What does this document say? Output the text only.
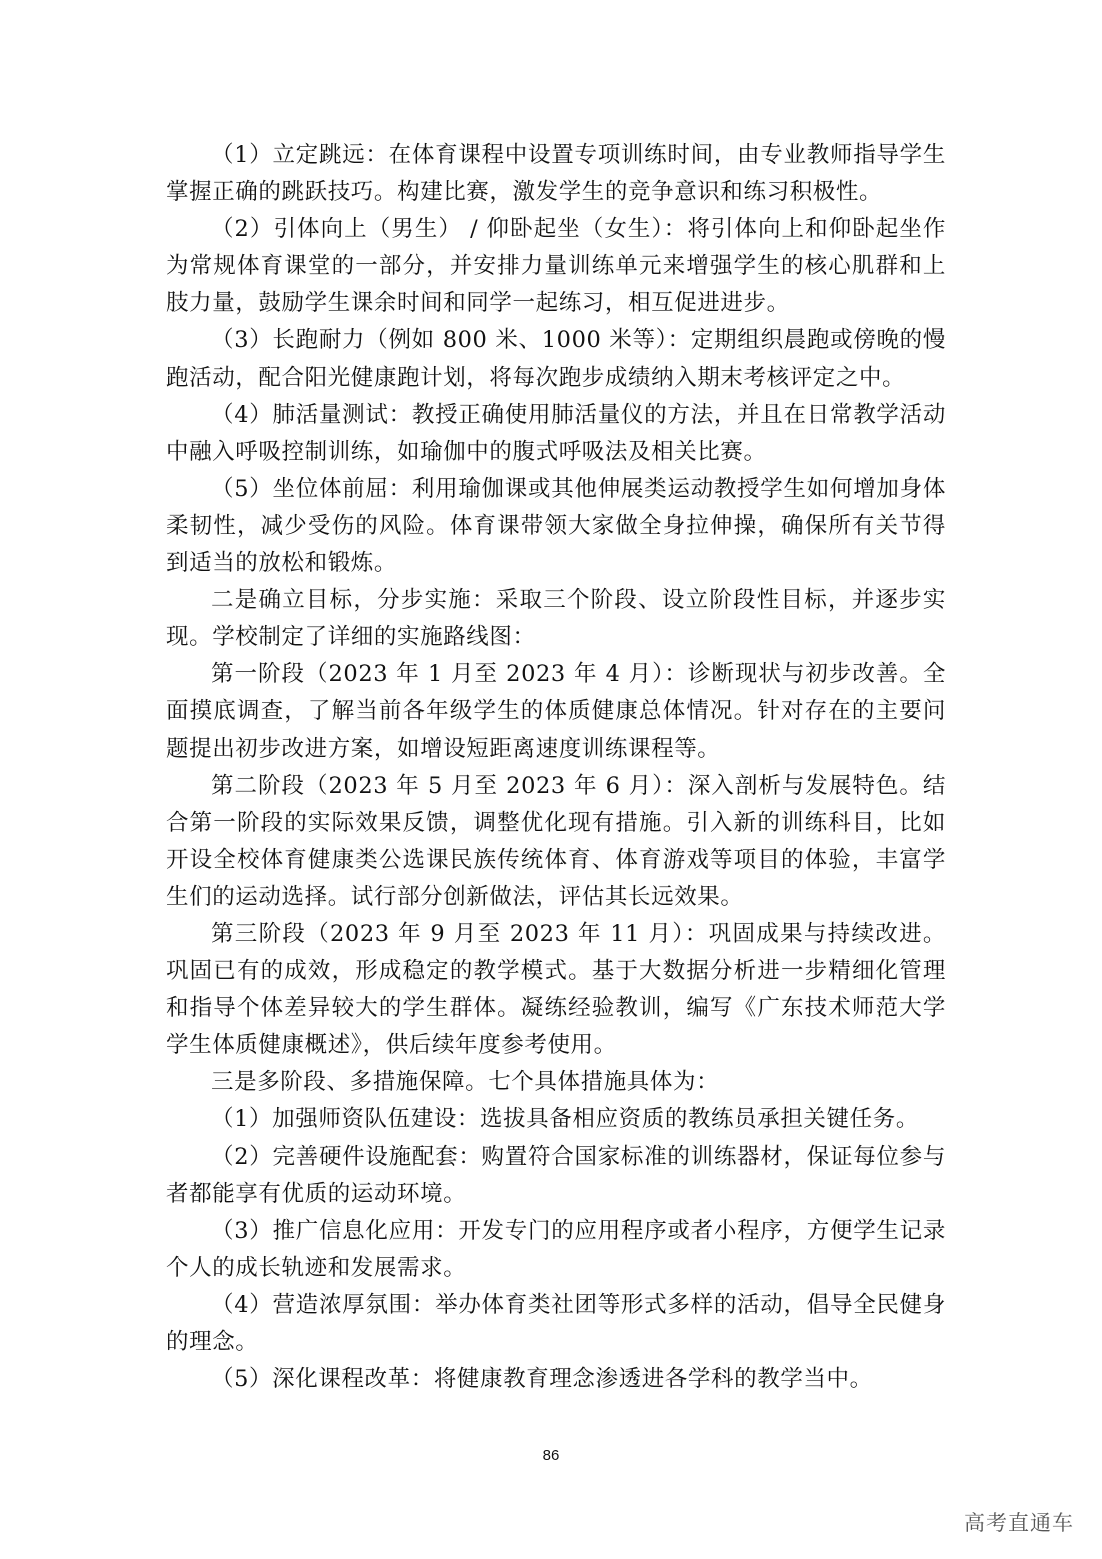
（1）立定跳远：在体育课程中设置专项训练时间，由专业教师指导学生掌握正确的跳跃技巧。构建比赛，激发学生的竞争意识和练习积极性。

（2）引体向上（男生） / 仰卧起坐（女生）：将引体向上和仰卧起坐作为常规体育课堂的一部分，并安排力量训练单元来增强学生的核心肌群和上肢力量，鼓励学生课余时间和同学一起练习，相互促进进步。

（3）长跑耐力（例如 800 米、1000 米等）：定期组织晨跑或傍晚的慢跑活动，配合阳光健康跑计划，将每次跑步成绩纳入期末考核评定之中。

（4）肺活量测试：教授正确使用肺活量仪的方法，并且在日常教学活动中融入呼吸控制训练，如瑜伽中的腹式呼吸法及相关比赛。

（5）坐位体前屈：利用瑜伽课或其他伸展类运动教授学生如何增加身体柔韧性，减少受伤的风险。体育课带领大家做全身拉伸操，确保所有关节得到适当的放松和锻炼。

二是确立目标，分步实施：采取三个阶段、设立阶段性目标，并逐步实现。学校制定了详细的实施路线图：

第一阶段（2023 年 1 月至 2023 年 4 月）：诊断现状与初步改善。全面摸底调查，了解当前各年级学生的体质健康总体情况。针对存在的主要问题提出初步改进方案，如增设短距离速度训练课程等。

第二阶段（2023 年 5 月至 2023 年 6 月）：深入剖析与发展特色。结合第一阶段的实际效果反馈，调整优化现有措施。引入新的训练科目，比如开设全校体育健康类公选课民族传统体育、体育游戏等项目的体验，丰富学生们的运动选择。试行部分创新做法，评估其长远效果。

第三阶段（2023 年 9 月至 2023 年 11 月）：巩固成果与持续改进。巩固已有的成效，形成稳定的教学模式。基于大数据分析进一步精细化管理和指导个体差异较大的学生群体。凝练经验教训，编写《广东技术师范大学学生体质健康概述》，供后续年度参考使用。

三是多阶段、多措施保障。七个具体措施具体为：

（1）加强师资队伍建设：选拔具备相应资质的教练员承担关键任务。

（2）完善硬件设施配套：购置符合国家标准的训练器材，保证每位参与者都能享有优质的运动环境。

（3）推广信息化应用：开发专门的应用程序或者小程序，方便学生记录个人的成长轨迹和发展需求。

（4）营造浓厚氛围：举办体育类社团等形式多样的活动，倡导全民健身的理念。

（5）深化课程改革：将健康教育理念渗透进各学科的教学当中。

86
高考直通车
